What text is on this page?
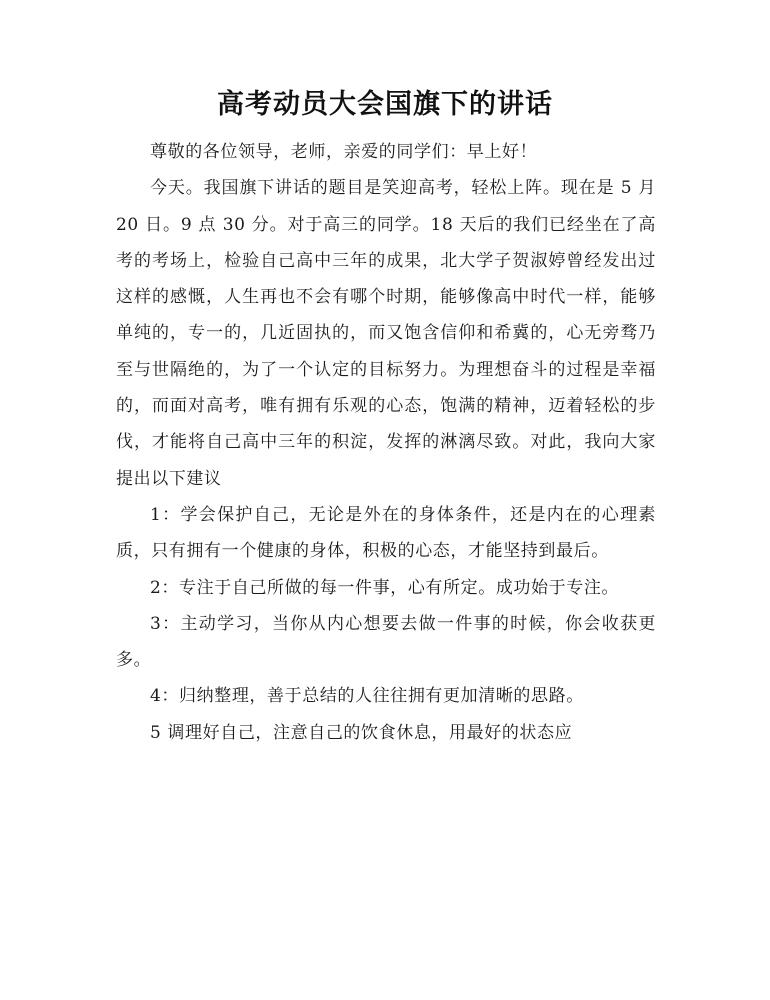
高考动员大会国旗下的讲话

尊敬的各位领导，老师，亲爱的同学们：早上好！

今天。我国旗下讲话的题目是笑迎高考，轻松上阵。现在是 5 月 20 日。9 点 30 分。对于高三的同学。18 天后的我们已经坐在了高考的考场上，检验自己高中三年的成果，北大学子贺淑婷曾经发出过这样的感慨，人生再也不会有哪个时期，能够像高中时代一样，能够单纯的，专一的，几近固执的，而又饱含信仰和希冀的，心无旁骛乃至与世隔绝的，为了一个认定的目标努力。为理想奋斗的过程是幸福的，而面对高考，唯有拥有乐观的心态，饱满的精神，迈着轻松的步伐，才能将自己高中三年的积淀，发挥的淋漓尽致。对此，我向大家提出以下建议

1：学会保护自己，无论是外在的身体条件，还是内在的心理素质，只有拥有一个健康的身体，积极的心态，才能坚持到最后。

2：专注于自己所做的每一件事，心有所定。成功始于专注。

3：主动学习，当你从内心想要去做一件事的时候，你会收获更多。

4：归纳整理，善于总结的人往往拥有更加清晰的思路。

5 调理好自己，注意自己的饮食休息，用最好的状态应
